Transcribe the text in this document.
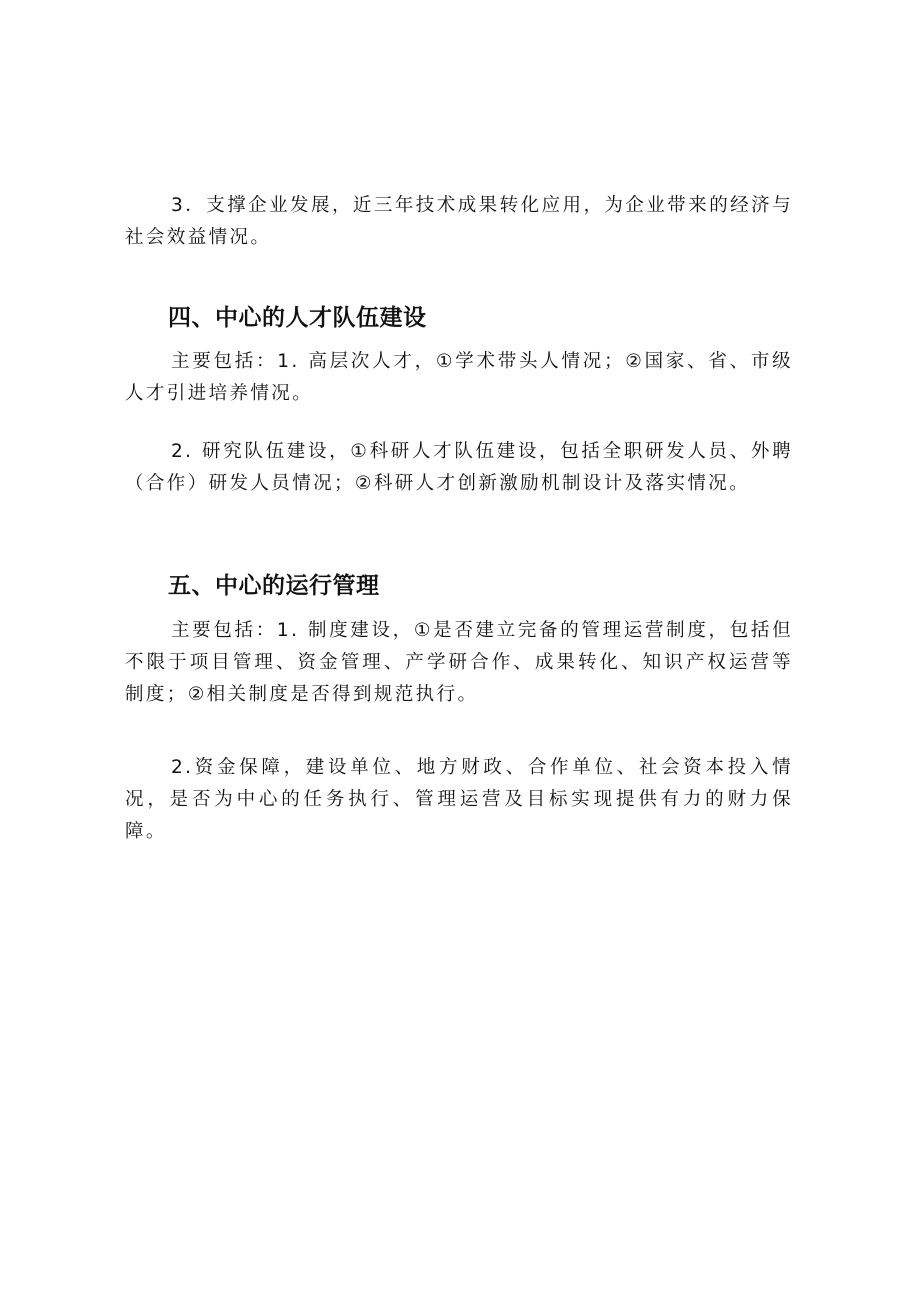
3．支撑企业发展，近三年技术成果转化应用，为企业带来的经济与社会效益情况。

四、中心的人才队伍建设

主要包括：1. 高层次人才，①学术带头人情况；②国家、省、市级人才引进培养情况。

2. 研究队伍建设，①科研人才队伍建设，包括全职研发人员、外聘（合作）研发人员情况；②科研人才创新激励机制设计及落实情况。

五、中心的运行管理

主要包括：1. 制度建设，①是否建立完备的管理运营制度，包括但不限于项目管理、资金管理、产学研合作、成果转化、知识产权运营等制度；②相关制度是否得到规范执行。

2.资金保障，建设单位、地方财政、合作单位、社会资本投入情况，是否为中心的任务执行、管理运营及目标实现提供有力的财力保障。
